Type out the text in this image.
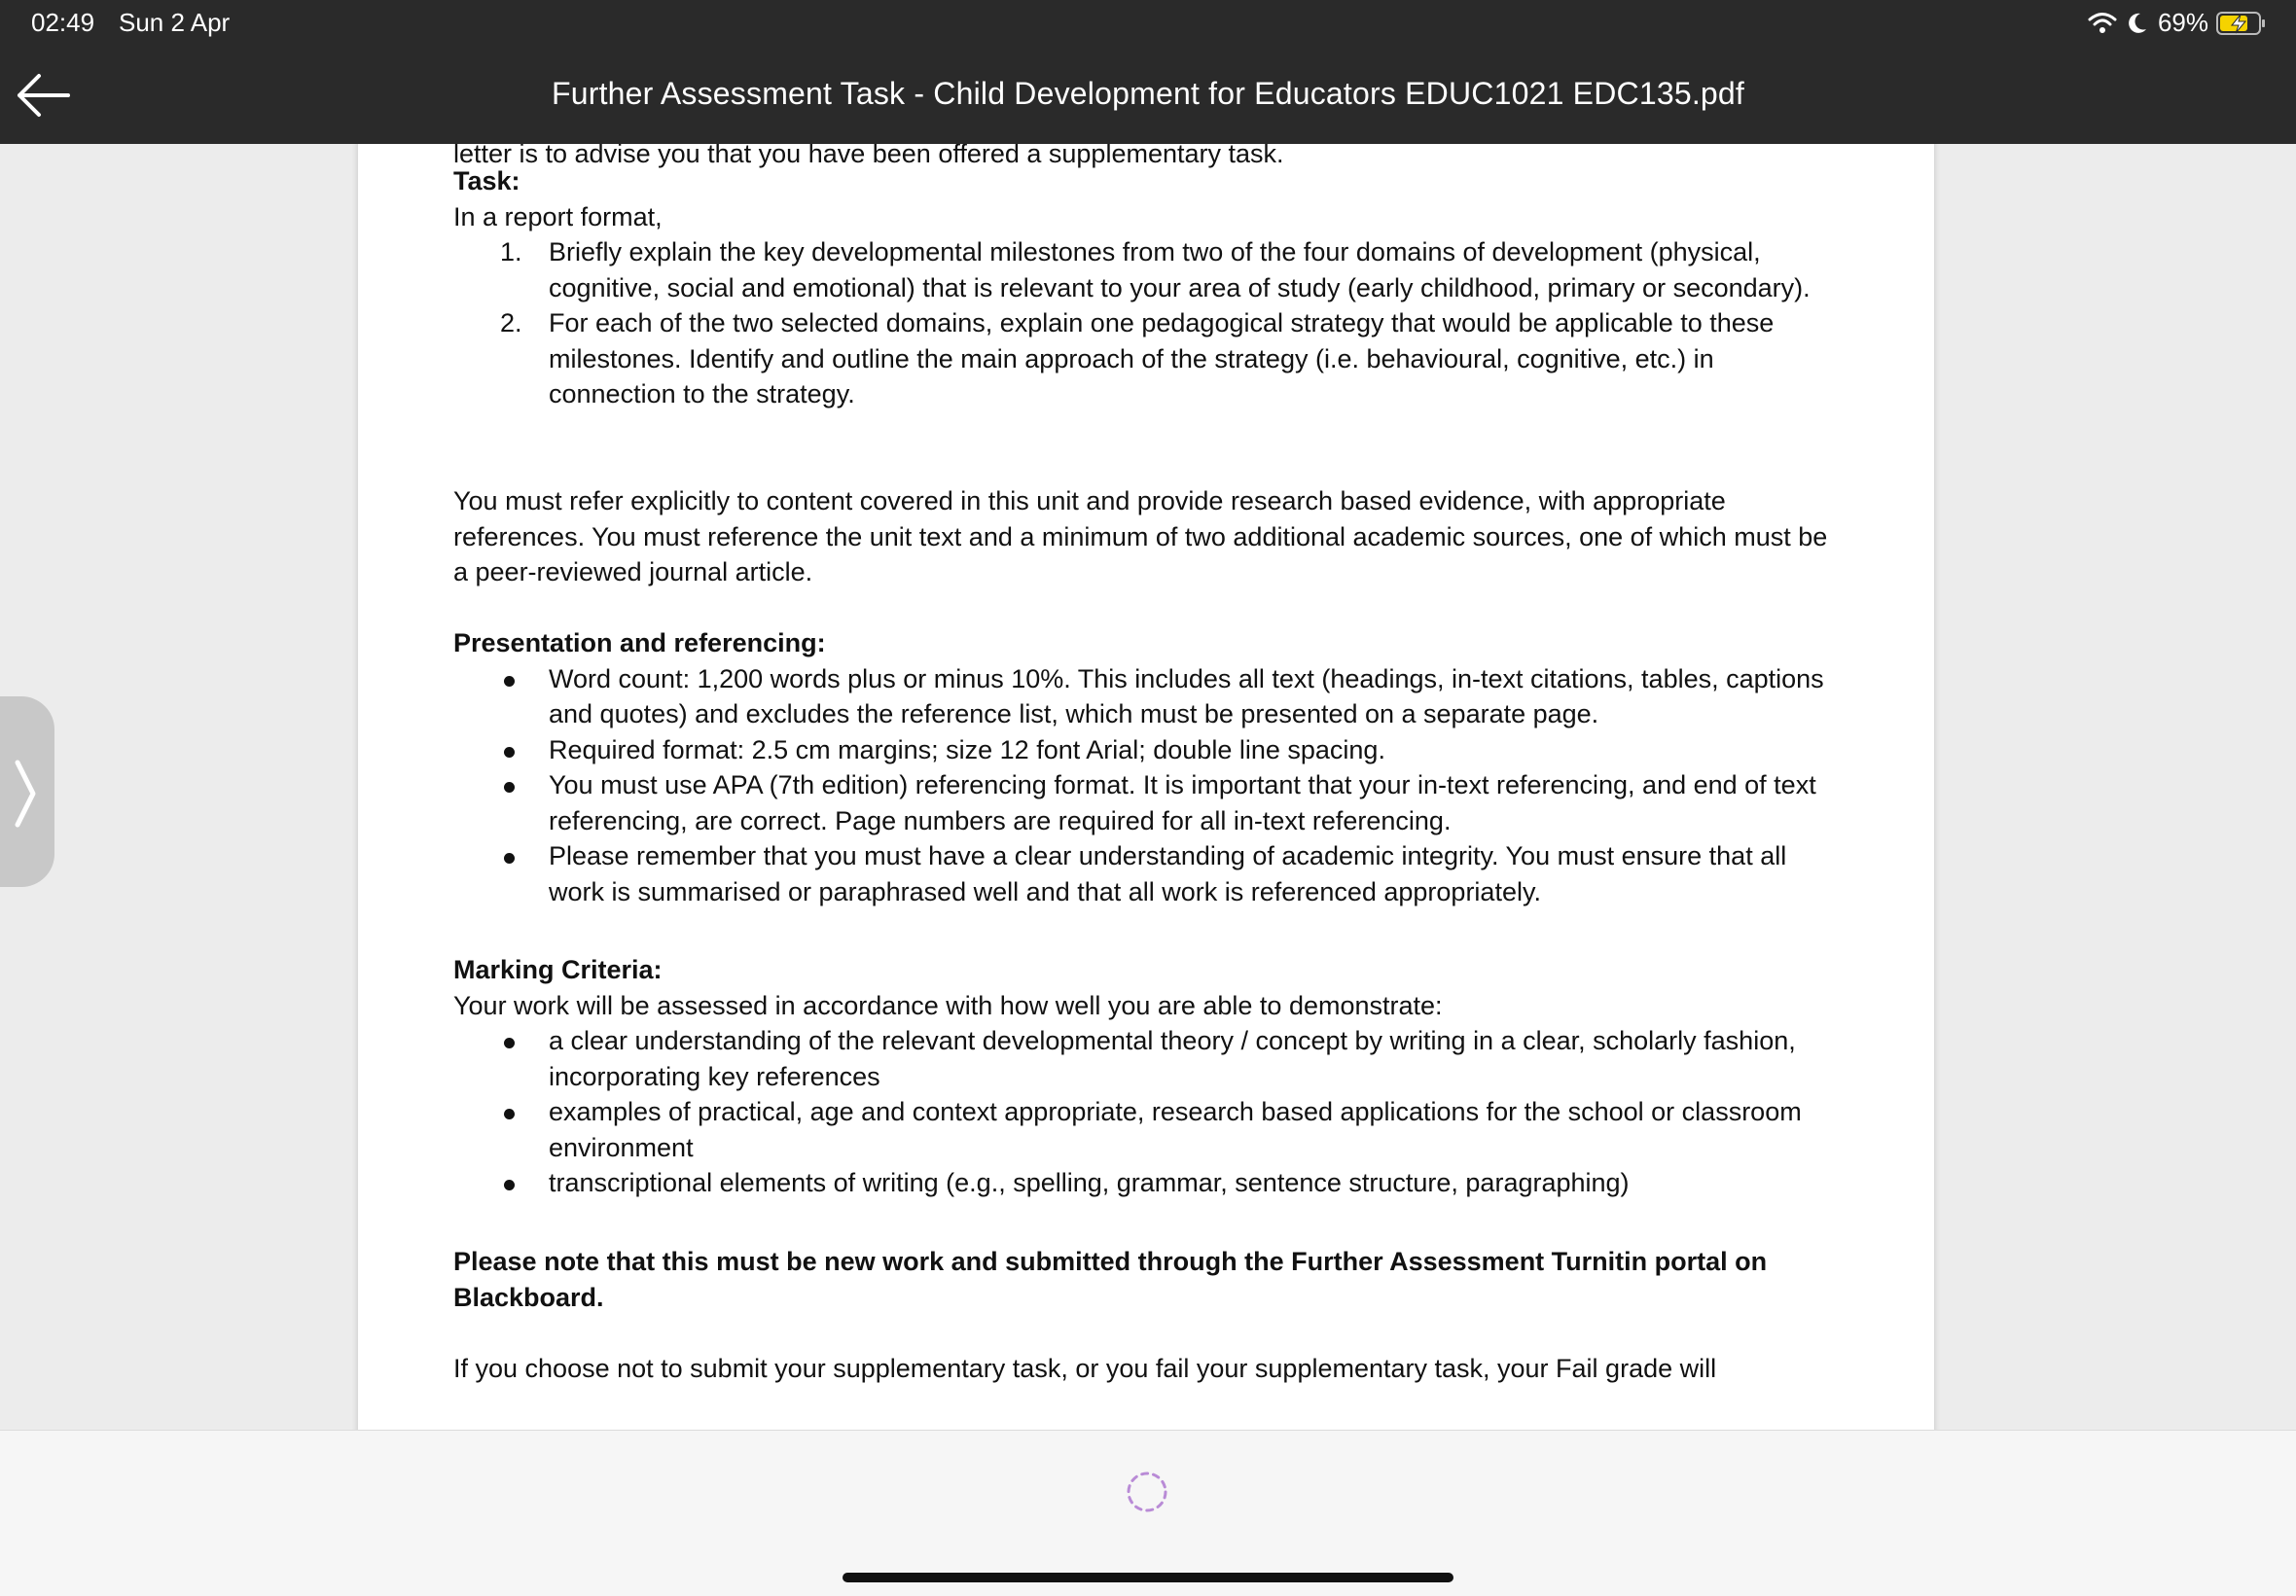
02:49 Sun 2 Apr	69%
Further Assessment Task - Child Development for Educators EDUC1021 EDC135.pdf

letter is to advise you that you have been offered a supplementary task.

Task:

In a report format,

1. Briefly explain the key developmental milestones from two of the four domains of development (physical, cognitive, social and emotional) that is relevant to your area of study (early childhood, primary or secondary).

2. For each of the two selected domains, explain one pedagogical strategy that would be applicable to these milestones. Identify and outline the main approach of the strategy (i.e. behavioural, cognitive, etc.) in connection to the strategy.

You must refer explicitly to content covered in this unit and provide research based evidence, with appropriate references. You must reference the unit text and a minimum of two additional academic sources, one of which must be a peer-reviewed journal article.

Presentation and referencing:

Word count: 1,200 words plus or minus 10%. This includes all text (headings, in-text citations, tables, captions and quotes) and excludes the reference list, which must be presented on a separate page.

Required format: 2.5 cm margins; size 12 font Arial; double line spacing.

You must use APA (7th edition) referencing format. It is important that your in-text referencing, and end of text referencing, are correct. Page numbers are required for all in-text referencing.

Please remember that you must have a clear understanding of academic integrity. You must ensure that all work is summarised or paraphrased well and that all work is referenced appropriately.

Marking Criteria:

Your work will be assessed in accordance with how well you are able to demonstrate:

a clear understanding of the relevant developmental theory / concept by writing in a clear, scholarly fashion, incorporating key references

examples of practical, age and context appropriate, research based applications for the school or classroom environment

transcriptional elements of writing (e.g., spelling, grammar, sentence structure, paragraphing)

Please note that this must be new work and submitted through the Further Assessment Turnitin portal on Blackboard.

If you choose not to submit your supplementary task, or you fail your supplementary task, your Fail grade will
